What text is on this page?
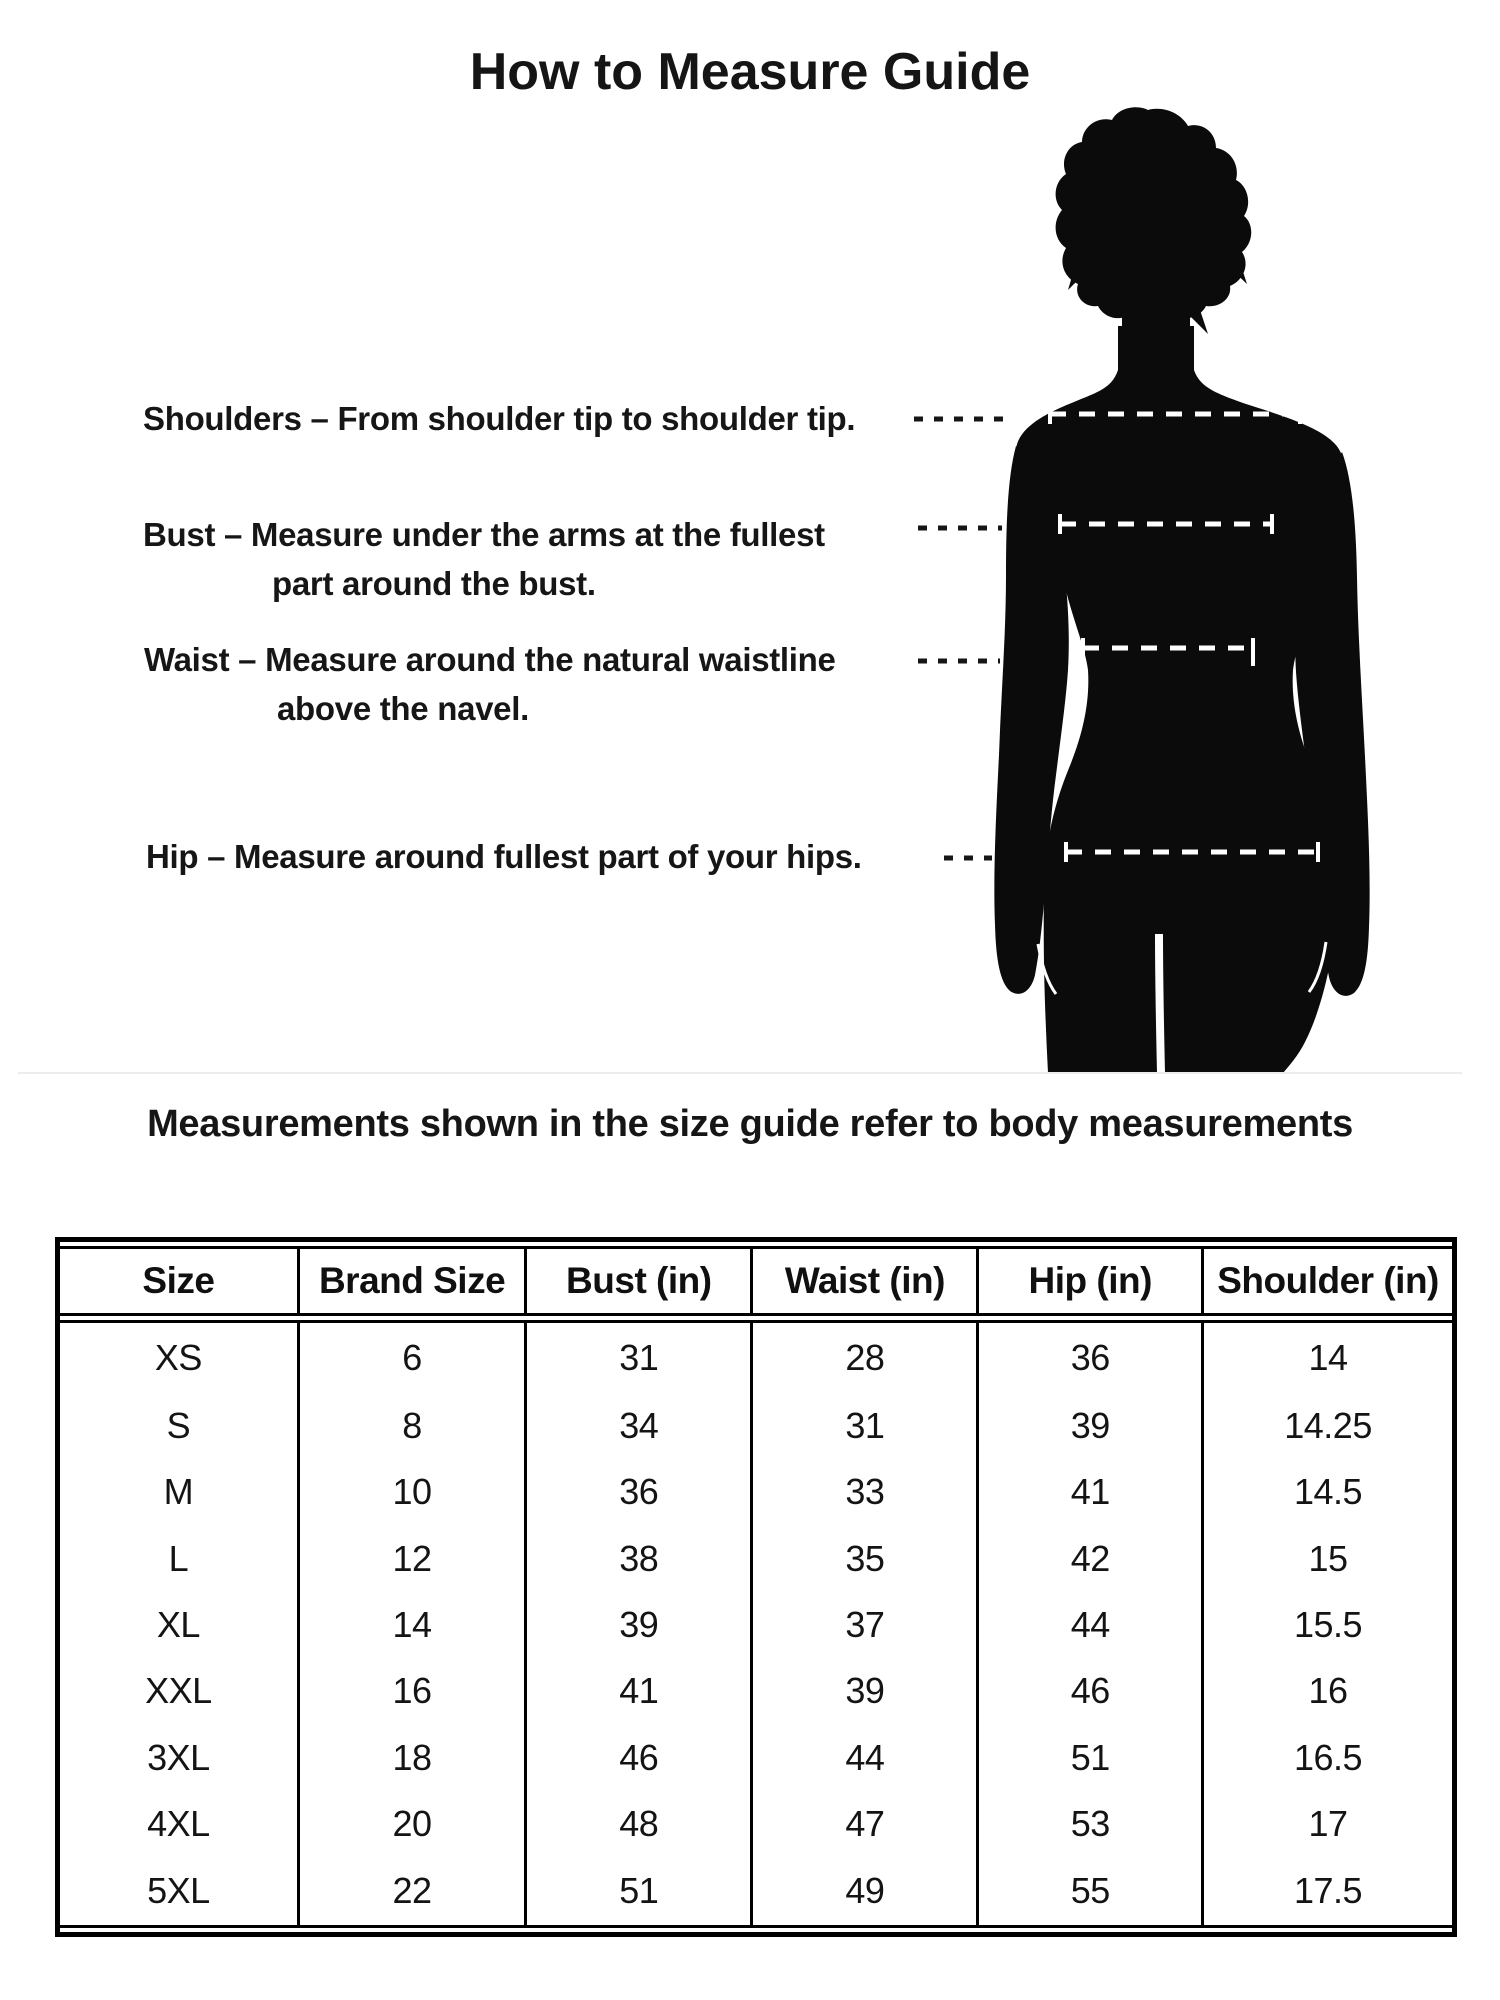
How to Measure Guide
Shoulders – From shoulder tip to shoulder tip.
Bust – Measure under the arms at the fullest
part around the bust.
Waist – Measure around the natural waistline
above the navel.
Hip – Measure around fullest part of your hips.
Measurements shown in the size guide refer to body measurements
Size	Brand Size	Bust (in)	Waist (in)	Hip (in)	Shoulder (in)
XS	6	31	28	36	14
S	8	34	31	39	14.25
M	10	36	33	41	14.5
L	12	38	35	42	15
XL	14	39	37	44	15.5
XXL	16	41	39	46	16
3XL	18	46	44	51	16.5
4XL	20	48	47	53	17
5XL	22	51	49	55	17.5
